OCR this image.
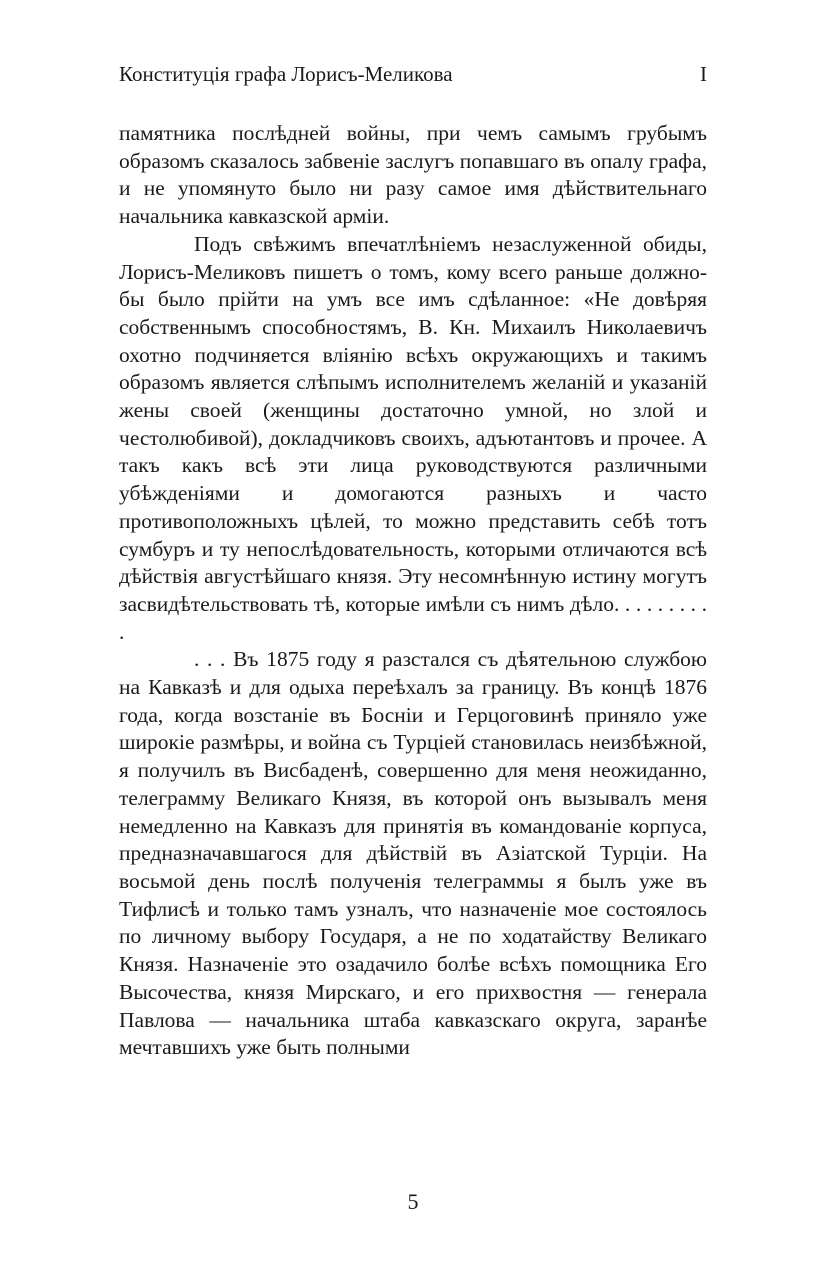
Конституція графа Лорисъ-Меликова	I

памятника послѣдней войны, при чемъ самымъ грубымъ образомъ сказалось забвеніе заслугъ попавшаго въ опалу графа, и не упомянуто было ни разу самое имя дѣйствительнаго начальника кавказской арміи.

Подъ свѣжимъ впечатлѣніемъ незаслуженной обиды, Лорисъ-Меликовъ пишетъ о томъ, кому всего раньше должно-бы было прійти на умъ все имъ сдѣланное: «Не довѣряя собственнымъ способностямъ, В. Кн. Михаилъ Николаевичъ охотно подчиняется вліянію всѣхъ окружающихъ и такимъ образомъ является слѣпымъ исполнителемъ желаній и указаній жены своей (женщины достаточно умной, но злой и честолюбивой), докладчиковъ своихъ, адъютантовъ и прочее. А такъ какъ всѣ эти лица руководствуются различными убѣжденіями и домогаются разныхъ и часто противоположныхъ цѣлей, то можно представить себѣ тотъ сумбуръ и ту непослѣдовательность, которыми отличаются всѣ дѣйствія августѣйшаго князя. Эту несомнѣнную истину могутъ засвидѣтельствовать тѣ, которые имѣли съ нимъ дѣло. . . . . . . . . .

. . . Въ 1875 году я разстался съ дѣятельною службою на Кавказѣ и для одыха переѣхалъ за границу. Въ концѣ 1876 года, когда возстаніе въ Босніи и Герцоговинѣ приняло уже широкіе размѣры, и война съ Турціей становилась неизбѣжной, я получилъ въ Висбаденѣ, совершенно для меня неожиданно, телеграмму Великаго Князя, въ которой онъ вызывалъ меня немедленно на Кавказъ для принятія въ командованіе корпуса, предназначавшагося для дѣйствій въ Азіатской Турціи. На восьмой день послѣ полученія телеграммы я былъ уже въ Тифлисѣ и только тамъ узналъ, что назначеніе мое состоялось по личному выбору Государя, а не по ходатайству Великаго Князя. Назначеніе это озадачило болѣе всѣхъ помощника Его Высочества, князя Мирскаго, и его прихвостня — генерала Павлова — начальника штаба кавказскаго округа, заранѣе мечтавшихъ уже быть полными

5
